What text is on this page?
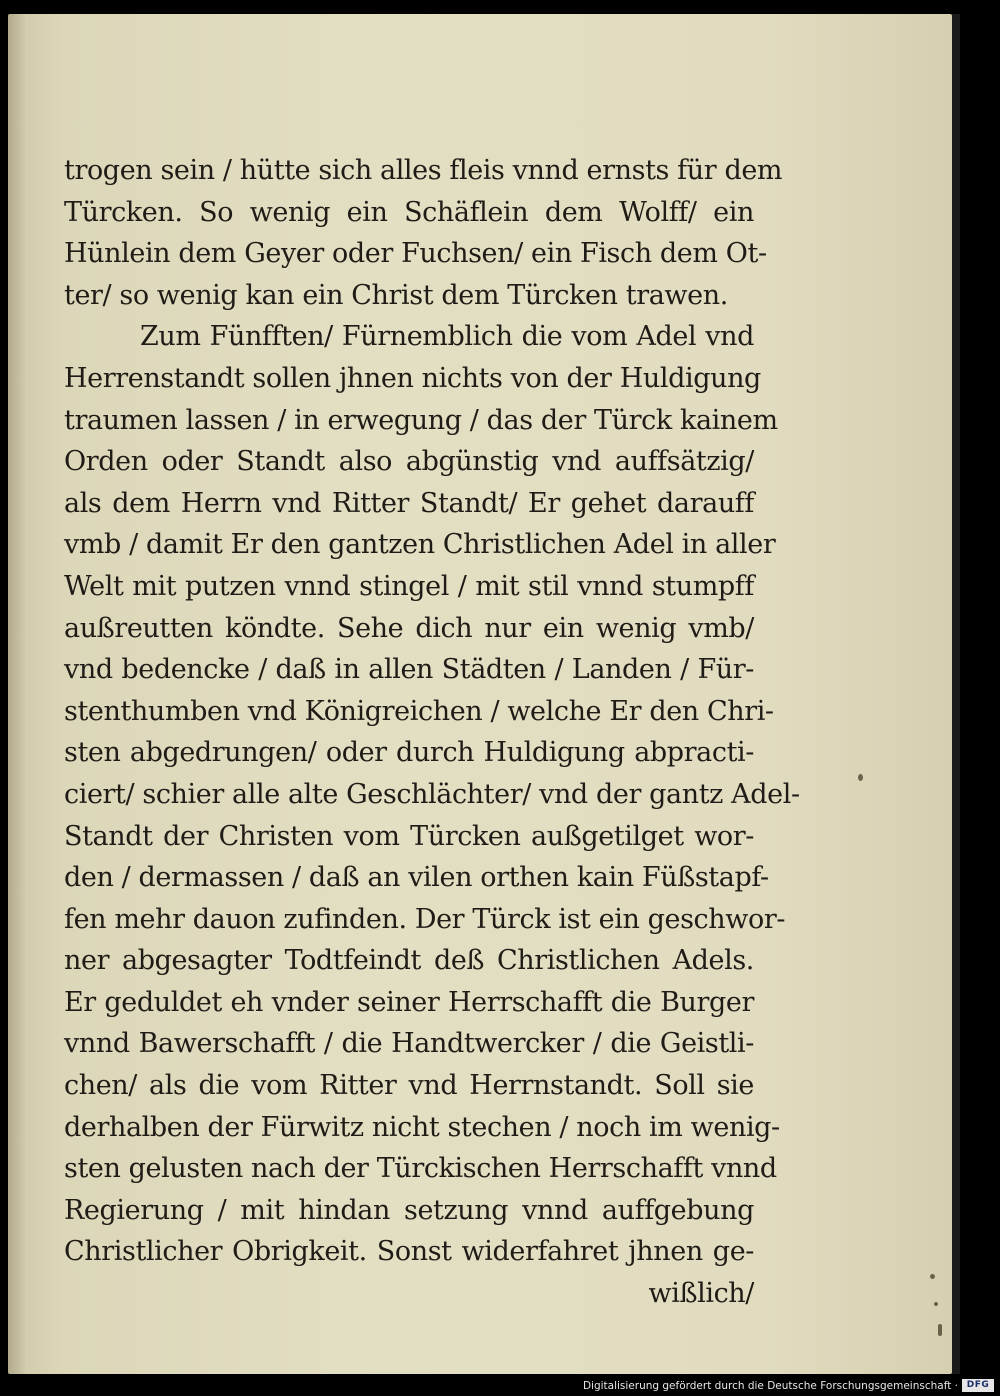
trogen sein / hütte sich alles fleis vnnd ernsts für dem
Türcken. So wenig ein Schäflein dem Wolff/ ein
Hünlein dem Geyer oder Fuchsen/ ein Fisch dem Ot-
ter/ so wenig kan ein Christ dem Türcken trawen.
Zum Fünfften/ Fürnemblich die vom Adel vnd
Herrenstandt sollen jhnen nichts von der Huldigung
traumen lassen / in erwegung / das der Türck kainem
Orden oder Standt also abgünstig vnd auffsätzig/
als dem Herrn vnd Ritter Standt/ Er gehet darauff
vmb / damit Er den gantzen Christlichen Adel in aller
Welt mit putzen vnnd stingel / mit stil vnnd stumpff
außreutten köndte. Sehe dich nur ein wenig vmb/
vnd bedencke / daß in allen Städten / Landen / Für-
stenthumben vnd Königreichen / welche Er den Chri-
sten abgedrungen/ oder durch Huldigung abpracti-
ciert/ schier alle alte Geschlächter/ vnd der gantz Adel-
Standt der Christen vom Türcken außgetilget wor-
den / dermassen / daß an vilen orthen kain Füßstapf-
fen mehr dauon zufinden. Der Türck ist ein geschwor-
ner abgesagter Todtfeindt deß Christlichen Adels.
Er geduldet eh vnder seiner Herrschafft die Burger
vnnd Bawerschafft / die Handtwercker / die Geistli-
chen/ als die vom Ritter vnd Herrnstandt. Soll sie
derhalben der Fürwitz nicht stechen / noch im wenig-
sten gelusten nach der Türckischen Herrschafft vnnd
Regierung / mit hindan setzung vnnd auffgebung
Christlicher Obrigkeit. Sonst widerfahret jhnen ge-
wißlich/
Digitalisierung gefördert durch die Deutsche Forschungsgemeinschaft · DFG
